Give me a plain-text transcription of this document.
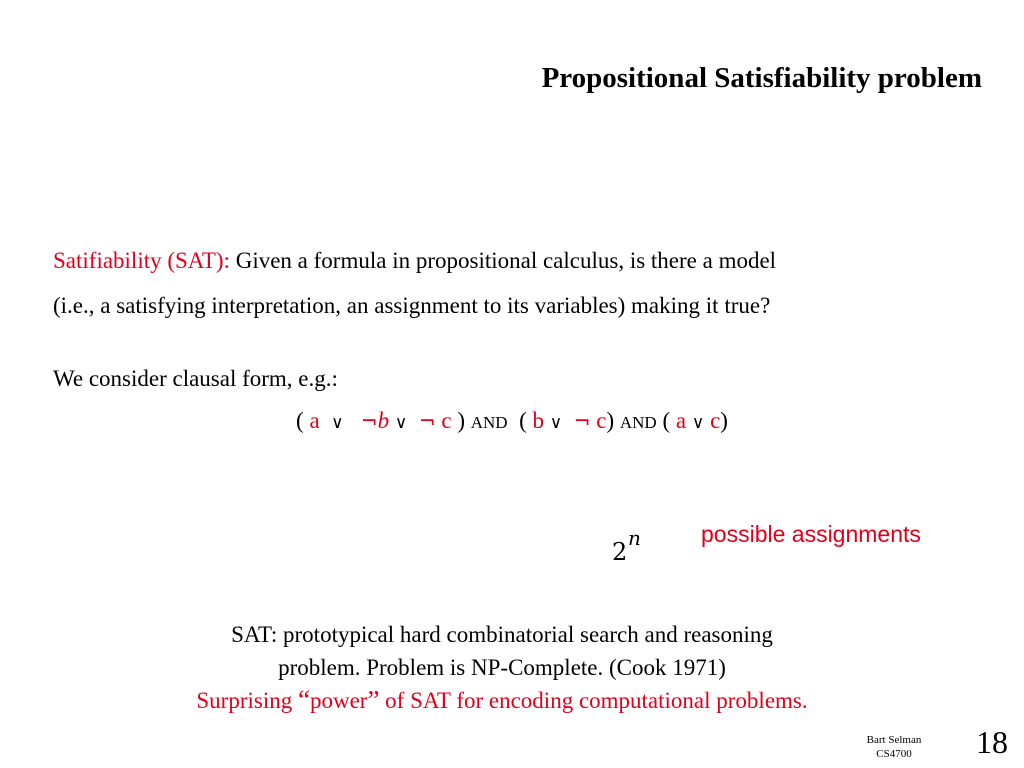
Propositional Satisfiability problem
Satifiability (SAT): Given a formula in propositional calculus, is there a model
(i.e., a satisfying interpretation, an assignment to its variables) making it true?
We consider clausal form, e.g.:
( a ∨ ¬b ∨ ¬ c ) AND ( b ∨ ¬ c) AND ( a ∨ c)
2 n	possible assignments
SAT: prototypical hard combinatorial search and reasoning
problem. Problem is NP-Complete. (Cook 1971)
Surprising “power” of SAT for encoding computational problems.
Bart Selman
CS4700	18
